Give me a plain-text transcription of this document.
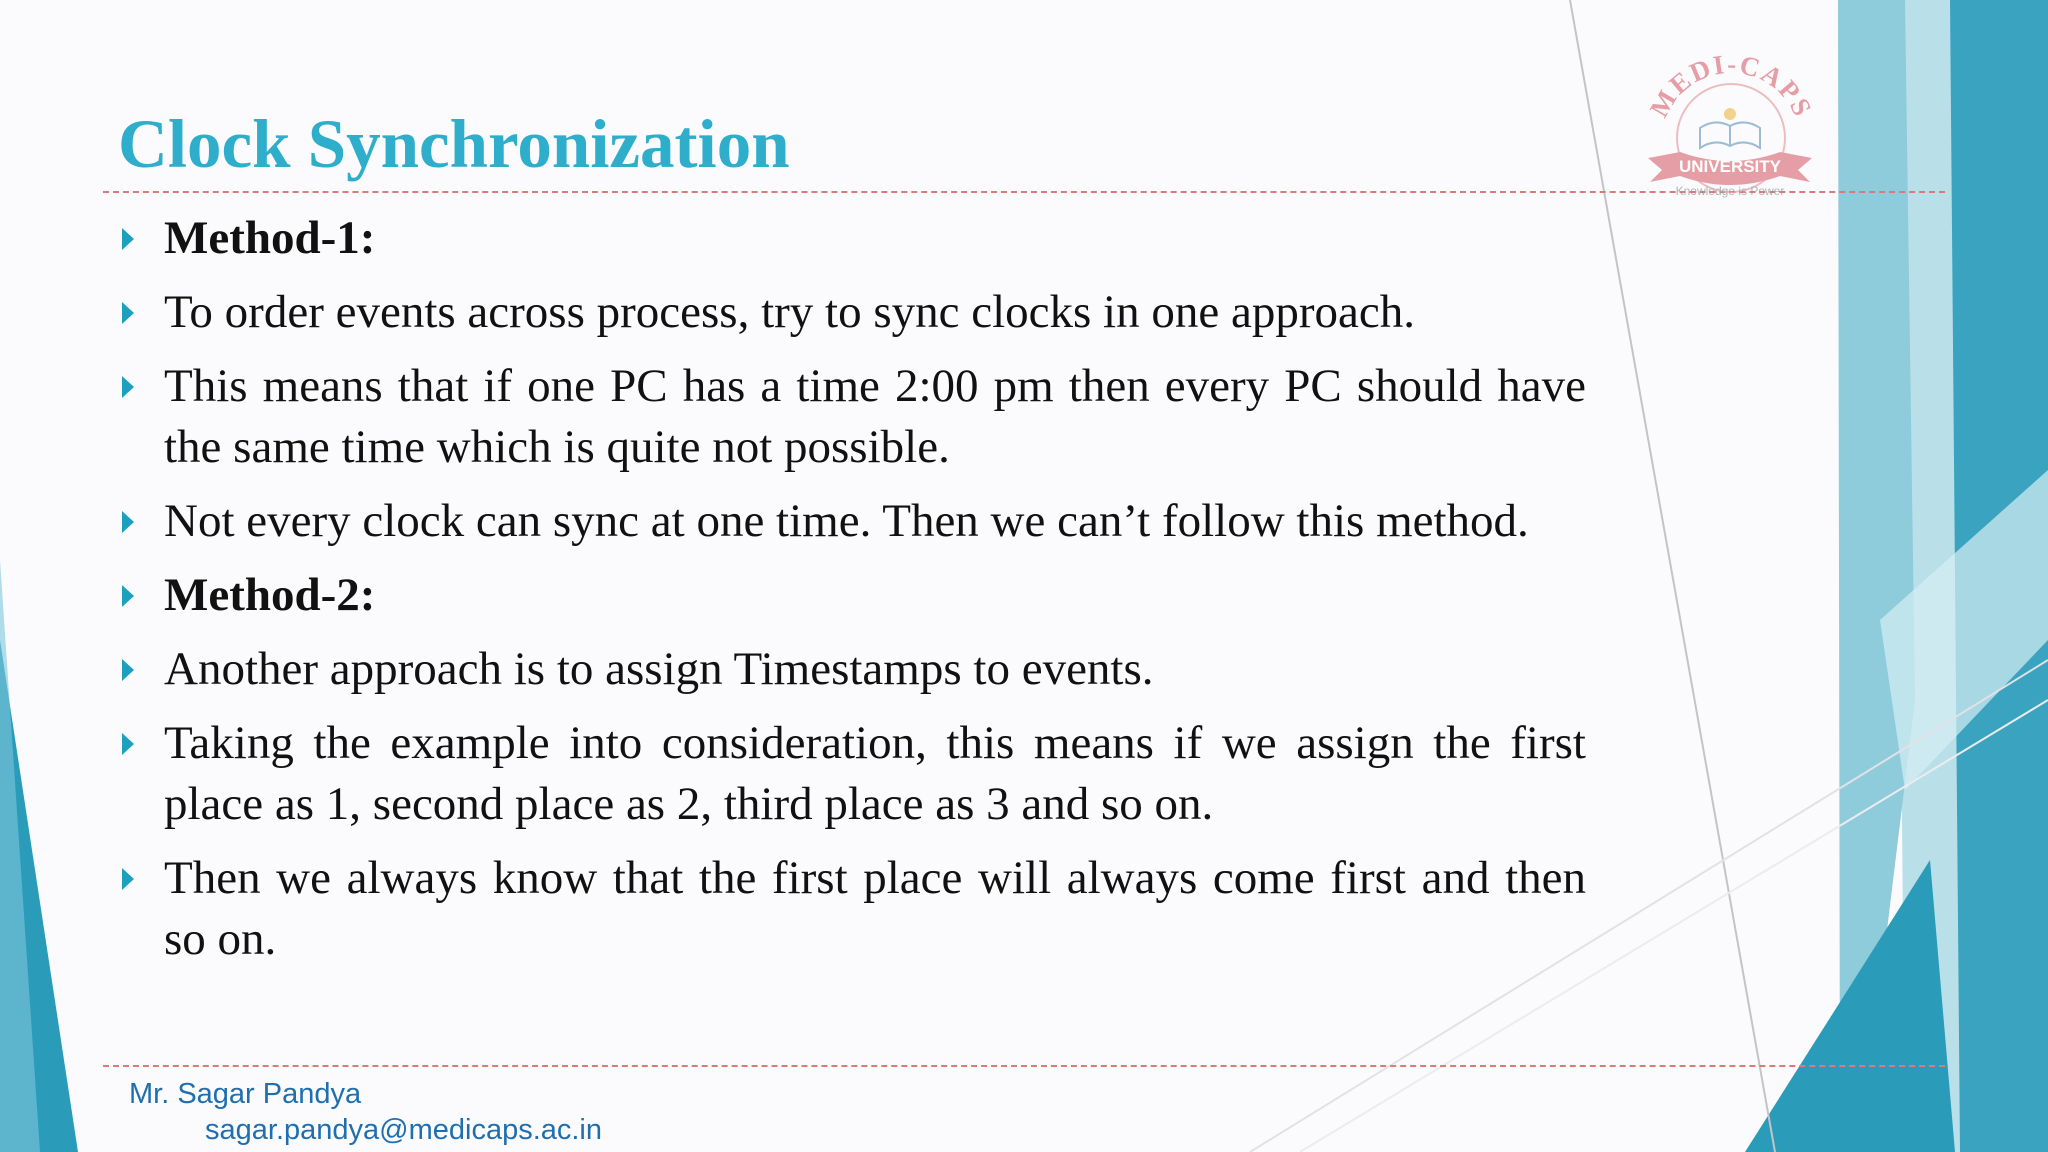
MEDI-CAPS
UNIVERSITY
Knowledge is Power
Clock Synchronization
Method-1:
To order events across process, try to sync clocks in one approach.
This means that if one PC has a time 2:00 pm then every PC should have the same time which is quite not possible.
Not every clock can sync at one time. Then we can’t follow this method.
Method-2:
Another approach is to assign Timestamps to events.
Taking the example into consideration, this means if we assign the first place as 1, second place as 2, third place as 3 and so on.
Then we always know that the first place will always come first and then so on.

Mr. Sagar Pandya

sagar.pandya@medicaps.ac.in
